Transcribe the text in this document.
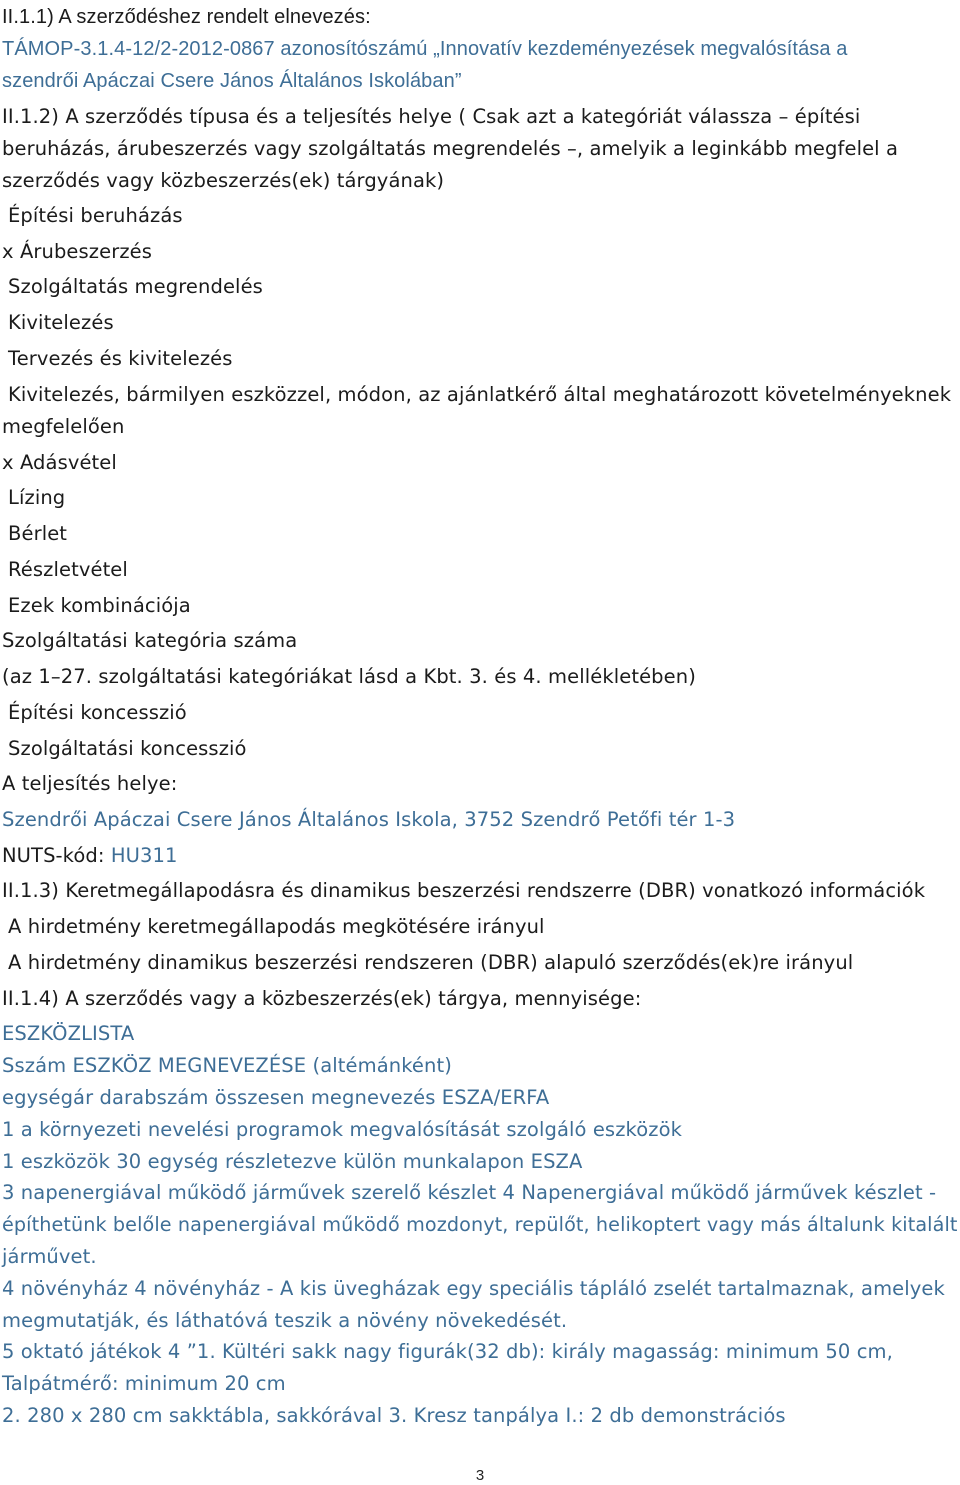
II.1.1) A szerződéshez rendelt elnevezés:
TÁMOP-3.1.4-12/2-2012-0867 azonosítószámú „Innovatív kezdeményezések megvalósítása a
szendrői Apáczai Csere János Általános Iskolában”
II.1.2) A szerződés típusa és a teljesítés helye ( Csak azt a kategóriát válassza – építési
beruházás, árubeszerzés vagy szolgáltatás megrendelés –, amelyik a leginkább megfelel a
szerződés vagy közbeszerzés(ek) tárgyának)
Építési beruházás
x Árubeszerzés
Szolgáltatás megrendelés
Kivitelezés
Tervezés és kivitelezés
Kivitelezés, bármilyen eszközzel, módon, az ajánlatkérő által meghatározott követelményeknek
megfelelően
x Adásvétel
Lízing
Bérlet
Részletvétel
Ezek kombinációja
Szolgáltatási kategória száma
(az 1–27. szolgáltatási kategóriákat lásd a Kbt. 3. és 4. mellékletében)
Építési koncesszió
Szolgáltatási koncesszió
A teljesítés helye:
Szendrői Apáczai Csere János Általános Iskola, 3752 Szendrő Petőfi tér 1-3
NUTS-kód: HU311
II.1.3) Keretmegállapodásra és dinamikus beszerzési rendszerre (DBR) vonatkozó információk
A hirdetmény keretmegállapodás megkötésére irányul
A hirdetmény dinamikus beszerzési rendszeren (DBR) alapuló szerződés(ek)re irányul
II.1.4) A szerződés vagy a közbeszerzés(ek) tárgya, mennyisége:
ESZKÖZLISTA
Sszám ESZKÖZ MEGNEVEZÉSE (altémánként)
egységár darabszám összesen megnevezés ESZA/ERFA
1 a környezeti nevelési programok megvalósítását szolgáló eszközök
1 eszközök 30 egység részletezve külön munkalapon ESZA
3 napenergiával működő járművek szerelő készlet 4 Napenergiával működő járművek készlet -
építhetünk belőle napenergiával működő mozdonyt, repülőt, helikoptert vagy más általunk kitalált
járművet.
4 növényház 4 növényház - A kis üvegházak egy speciális tápláló zselét tartalmaznak, amelyek
megmutatják, és láthatóvá teszik a növény növekedését.
5 oktató játékok 4 ”1. Kültéri sakk nagy figurák(32 db): király magasság: minimum 50 cm,
Talpátmérő: minimum 20 cm
2. 280 x 280 cm sakktábla, sakkórával 3. Kresz tanpálya I.: 2 db demonstrációs
3
